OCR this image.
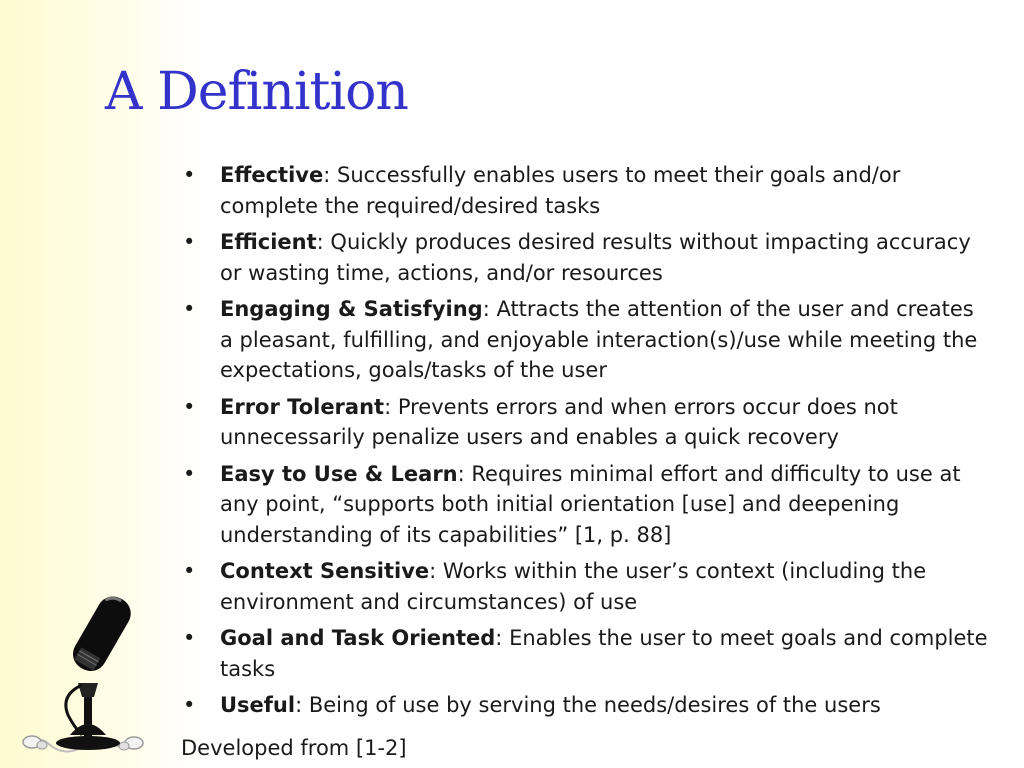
A Definition
• Effective: Successfully enables users to meet their goals and/or complete the required/desired tasks
• Efficient: Quickly produces desired results without impacting accuracy or wasting time, actions, and/or resources
• Engaging & Satisfying: Attracts the attention of the user and creates a pleasant, fulfilling, and enjoyable interaction(s)/use while meeting the expectations, goals/tasks of the user
• Error Tolerant: Prevents errors and when errors occur does not unnecessarily penalize users and enables a quick recovery
• Easy to Use & Learn: Requires minimal effort and difficulty to use at any point, “supports both initial orientation [use] and deepening understanding of its capabilities” [1, p. 88]
• Context Sensitive: Works within the user’s context (including the environment and circumstances) of use
• Goal and Task Oriented: Enables the user to meet goals and complete tasks
• Useful: Being of use by serving the needs/desires of the users
Developed from [1-2]
